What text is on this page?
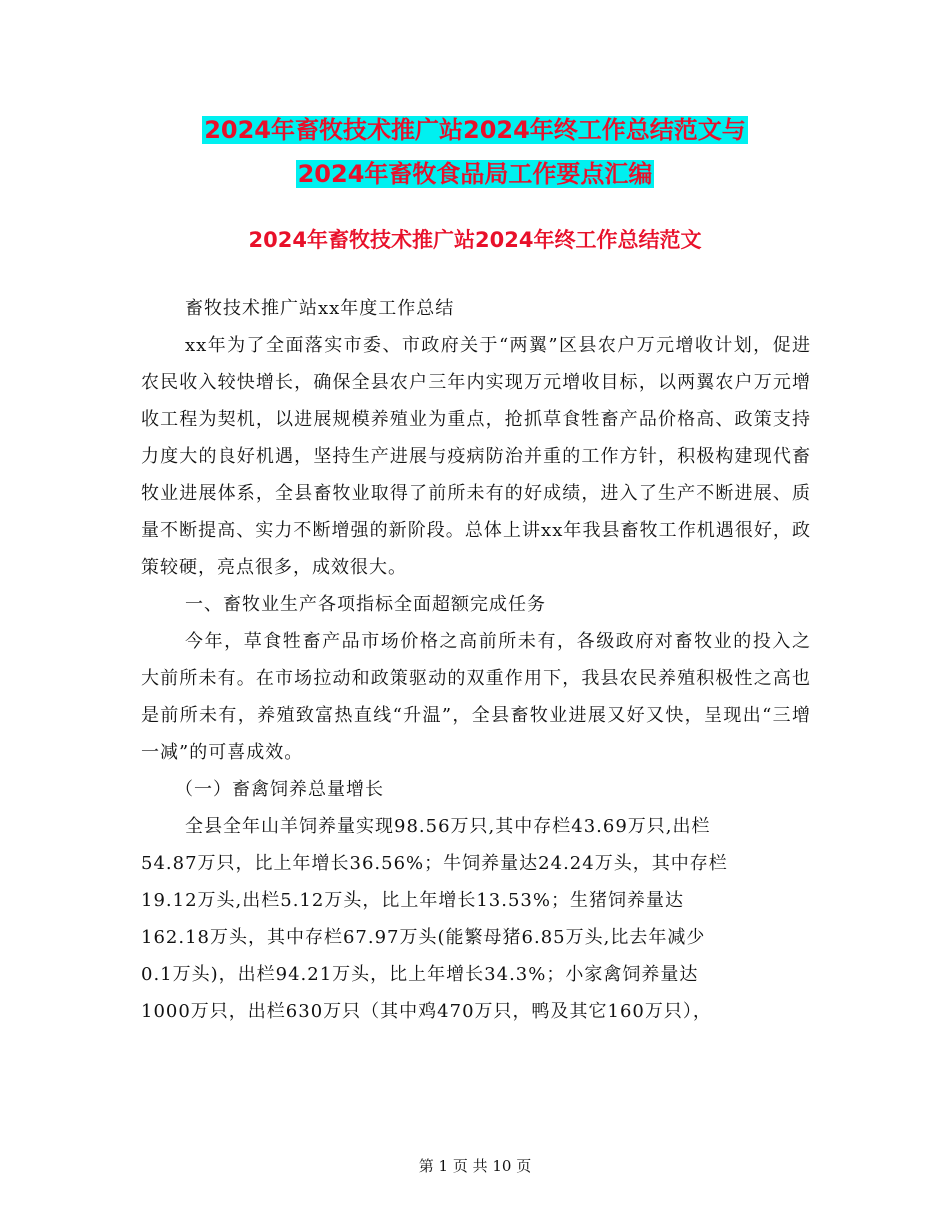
2024年畜牧技术推广站2024年终工作总结范文与
2024年畜牧食品局工作要点汇编
2024年畜牧技术推广站2024年终工作总结范文

畜牧技术推广站xx年度工作总结

xx年为了全面落实市委、市政府关于“两翼”区县农户万元增收计划，促进农民收入较快增长，确保全县农户三年内实现万元增收目标，以两翼农户万元增收工程为契机，以进展规模养殖业为重点，抢抓草食牲畜产品价格高、政策支持力度大的良好机遇，坚持生产进展与疫病防治并重的工作方针，积极构建现代畜牧业进展体系，全县畜牧业取得了前所未有的好成绩，进入了生产不断进展、质量不断提高、实力不断增强的新阶段。总体上讲xx年我县畜牧工作机遇很好，政策较硬，亮点很多，成效很大。

一、畜牧业生产各项指标全面超额完成任务

今年，草食牲畜产品市场价格之高前所未有，各级政府对畜牧业的投入之大前所未有。在市场拉动和政策驱动的双重作用下，我县农民养殖积极性之高也是前所未有，养殖致富热直线“升温”，全县畜牧业进展又好又快，呈现出“三增一减”的可喜成效。

（一）畜禽饲养总量增长

全县全年山羊饲养量实现98.56万只,其中存栏43.69万只,出栏

54.87万只，比上年增长36.56%；牛饲养量达24.24万头，其中存栏

19.12万头,出栏5.12万头，比上年增长13.53%；生猪饲养量达

162.18万头，其中存栏67.97万头(能繁母猪6.85万头,比去年减少

0.1万头)，出栏94.21万头，比上年增长34.3%；小家禽饲养量达

1000万只，出栏630万只（其中鸡470万只，鸭及其它160万只），

第 1 页 共 10 页
